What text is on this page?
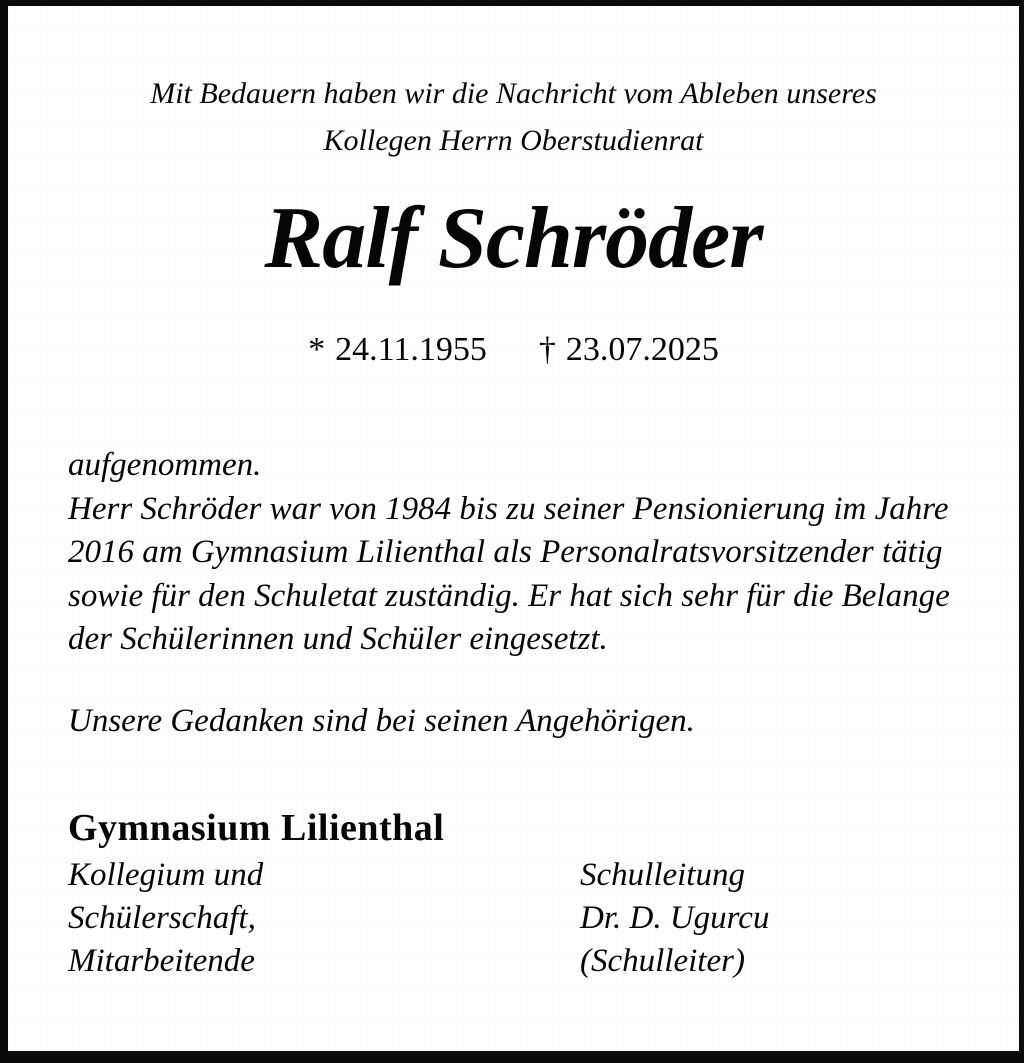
Mit Bedauern haben wir die Nachricht vom Ableben unseres
Kollegen Herrn Oberstudienrat
Ralf Schröder
* 24.11.1955 † 23.07.2025
aufgenommen.
Herr Schröder war von 1984 bis zu seiner Pensionierung im Jahre
2016 am Gymnasium Lilienthal als Personalratsvorsitzender tätig
sowie für den Schuletat zuständig. Er hat sich sehr für die Belange
der Schülerinnen und Schüler eingesetzt.
Unsere Gedanken sind bei seinen Angehörigen.
Gymnasium Lilienthal
Kollegium und
Schülerschaft,
Mitarbeitende
Schulleitung
Dr. D. Ugurcu
(Schulleiter)
